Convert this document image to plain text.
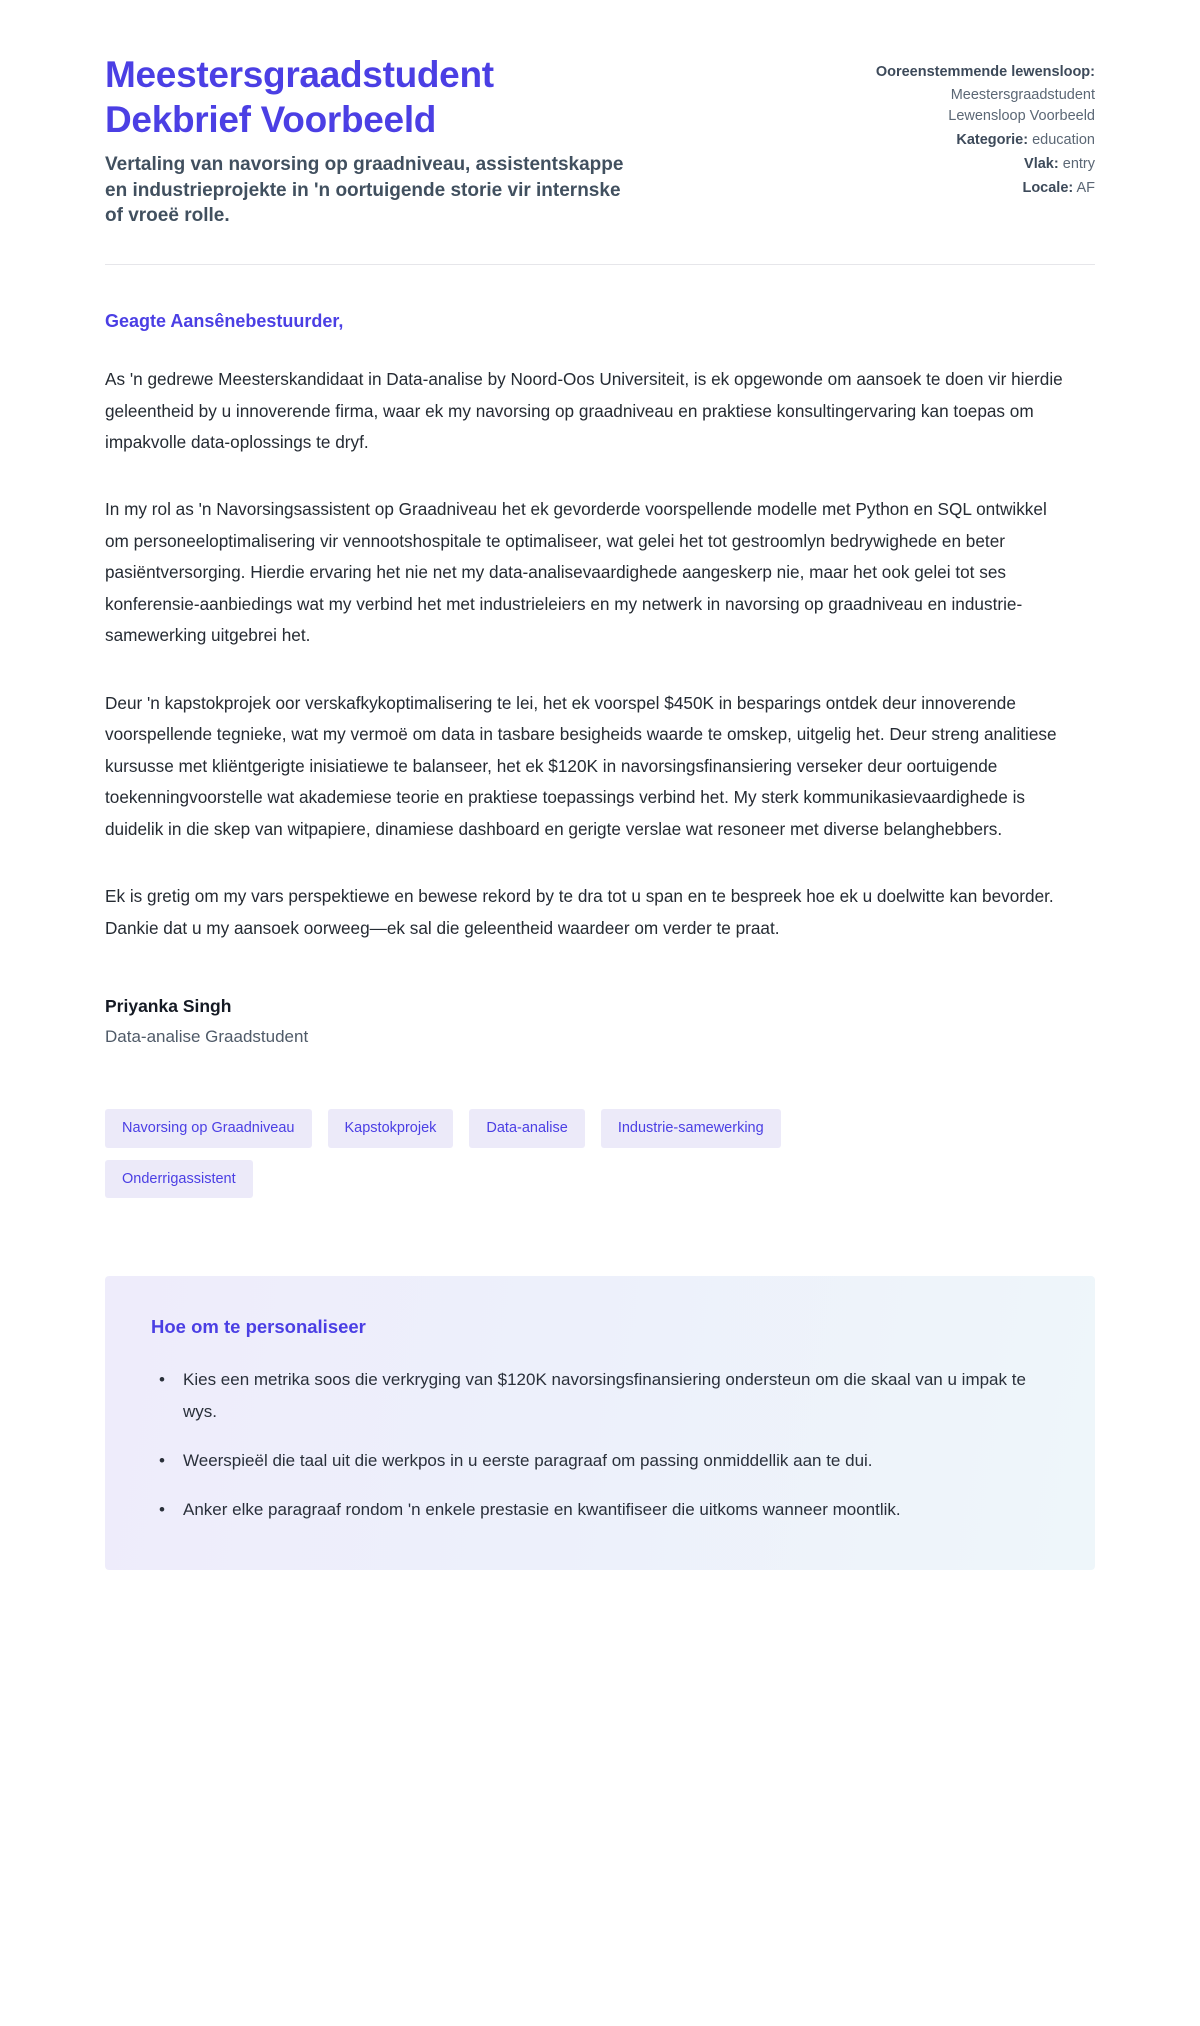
Meestersgraadstudent Dekbrief Voorbeeld

Vertaling van navorsing op graadniveau, assistentskappe en industrieprojekte in 'n oortuigende storie vir internske of vroeë rolle.

Ooreenstemmende lewensloop:
Meestersgraadstudent Lewensloop Voorbeeld
Kategorie: education
Vlak: entry
Locale: AF

Geagte Aansênebestuurder,

As 'n gedrewe Meesterskandidaat in Data-analise by Noord-Oos Universiteit, is ek opgewonde om aansoek te doen vir hierdie geleentheid by u innoverende firma, waar ek my navorsing op graadniveau en praktiese konsultingervaring kan toepas om impakvolle data-oplossings te dryf.

In my rol as 'n Navorsingsassistent op Graadniveau het ek gevorderde voorspellende modelle met Python en SQL ontwikkel om personeeloptimalisering vir vennootshospitale te optimaliseer, wat gelei het tot gestroomlyn bedrywighede en beter pasiëntversorging. Hierdie ervaring het nie net my data-analisevaardighede aangeskerp nie, maar het ook gelei tot ses konferensie-aanbiedings wat my verbind het met industrieleiers en my netwerk in navorsing op graadniveau en industrie-samewerking uitgebrei het.

Deur 'n kapstokprojek oor verskafkykoptimalisering te lei, het ek voorspel $450K in besparings ontdek deur innoverende voorspellende tegnieke, wat my vermoë om data in tasbare besigheids waarde te omskep, uitgelig het. Deur streng analitiese kursusse met kliëntgerigte inisiatiewe te balanseer, het ek $120K in navorsingsfinansiering verseker deur oortuigende toekenningvoorstelle wat akademiese teorie en praktiese toepassings verbind het. My sterk kommunikasievaardighede is duidelik in die skep van witpapiere, dinamiese dashboard en gerigte verslae wat resoneer met diverse belanghebbers.

Ek is gretig om my vars perspektiewe en bewese rekord by te dra tot u span en te bespreek hoe ek u doelwitte kan bevorder. Dankie dat u my aansoek oorweeg—ek sal die geleentheid waardeer om verder te praat.

Priyanka Singh

Data-analise Graadstudent

Navorsing op Graadniveau	Kapstokprojek	Data-analise	Industrie-samewerking
Onderrigassistent

Hoe om te personaliseer

• Kies een metrika soos die verkryging van $120K navorsingsfinansiering ondersteun om die skaal van u impak te wys.
• Weerspieël die taal uit die werkpos in u eerste paragraaf om passing onmiddellik aan te dui.
• Anker elke paragraaf rondom 'n enkele prestasie en kwantifiseer die uitkoms wanneer moontlik.
